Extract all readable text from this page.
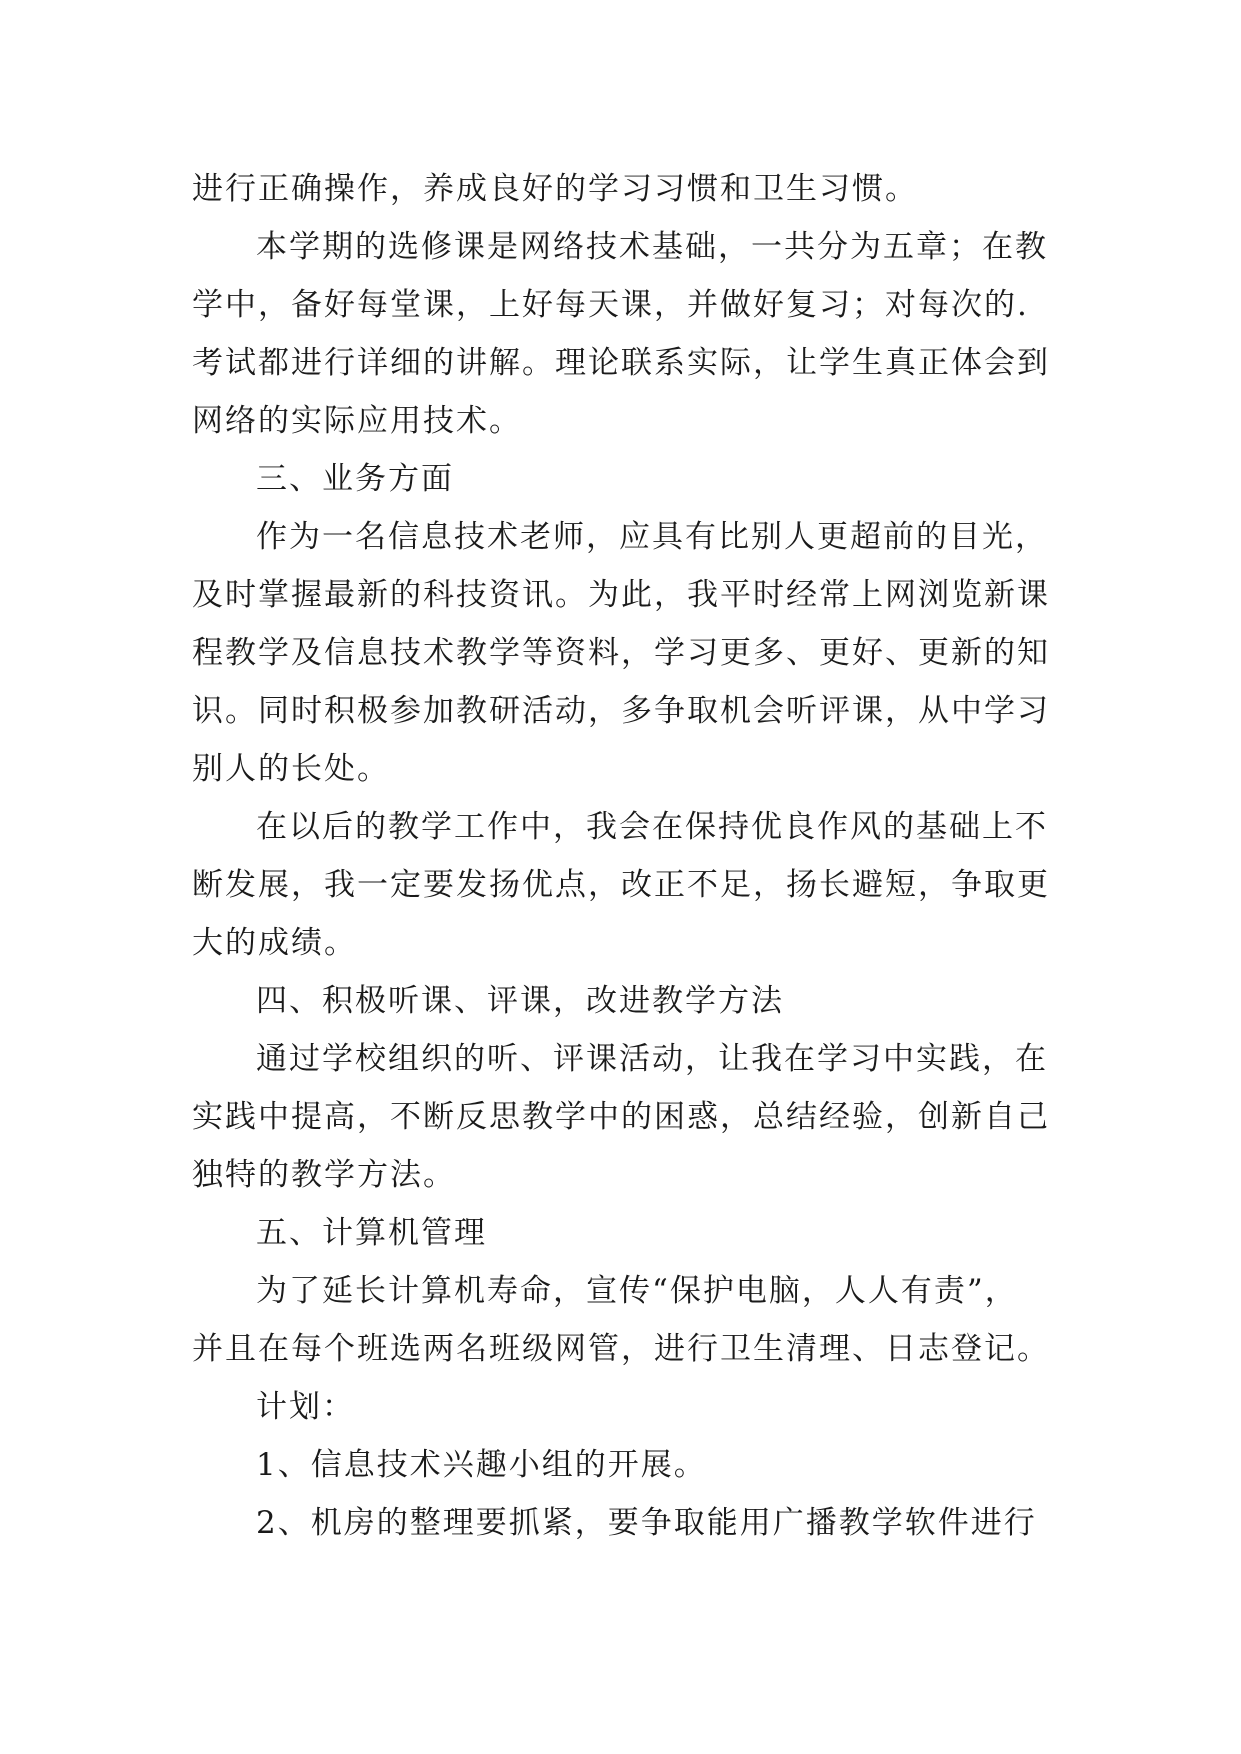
进行正确操作，养成良好的学习习惯和卫生习惯。
本学期的选修课是网络技术基础，一共分为五章；在教
学中，备好每堂课，上好每天课，并做好复习；对每次的.
考试都进行详细的讲解。理论联系实际，让学生真正体会到
网络的实际应用技术。
三、业务方面
作为一名信息技术老师，应具有比别人更超前的目光，
及时掌握最新的科技资讯。为此，我平时经常上网浏览新课
程教学及信息技术教学等资料，学习更多、更好、更新的知
识。同时积极参加教研活动，多争取机会听评课，从中学习
别人的长处。
在以后的教学工作中，我会在保持优良作风的基础上不
断发展，我一定要发扬优点，改正不足，扬长避短，争取更
大的成绩。
四、积极听课、评课，改进教学方法
通过学校组织的听、评课活动，让我在学习中实践，在
实践中提高，不断反思教学中的困惑，总结经验，创新自己
独特的教学方法。
五、计算机管理
为了延长计算机寿命，宣传“保护电脑，人人有责”，
并且在每个班选两名班级网管，进行卫生清理、日志登记。
计划：
1、信息技术兴趣小组的开展。
2、机房的整理要抓紧，要争取能用广播教学软件进行
